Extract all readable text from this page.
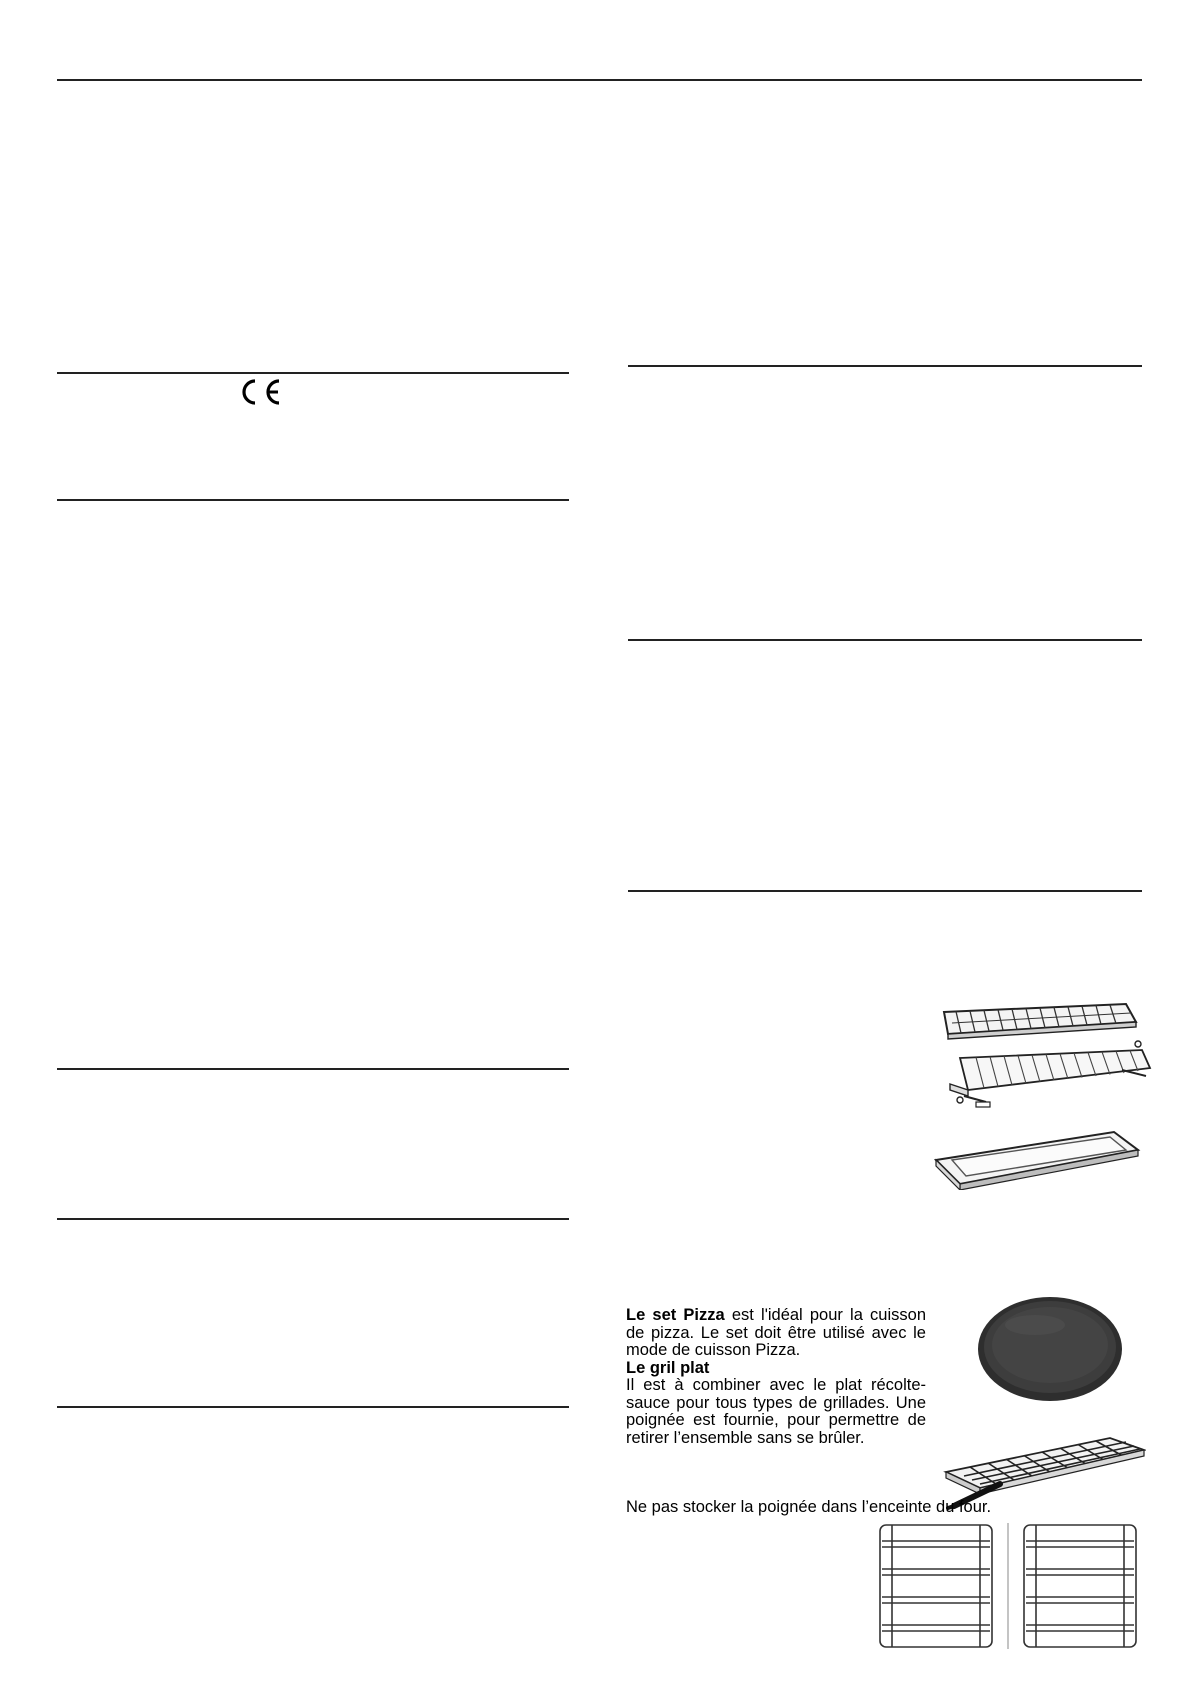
Le set Pizza est l'idéal pour la cuisson de pizza. Le set doit être utilisé avec le mode de cuisson Pizza.

Le gril plat

Il est à combiner avec le plat récolte-sauce pour tous types de grillades. Une poignée est fournie, pour permettre de retirer l’ensemble sans se brûler.

Ne pas stocker la poignée dans l’enceinte du four.
